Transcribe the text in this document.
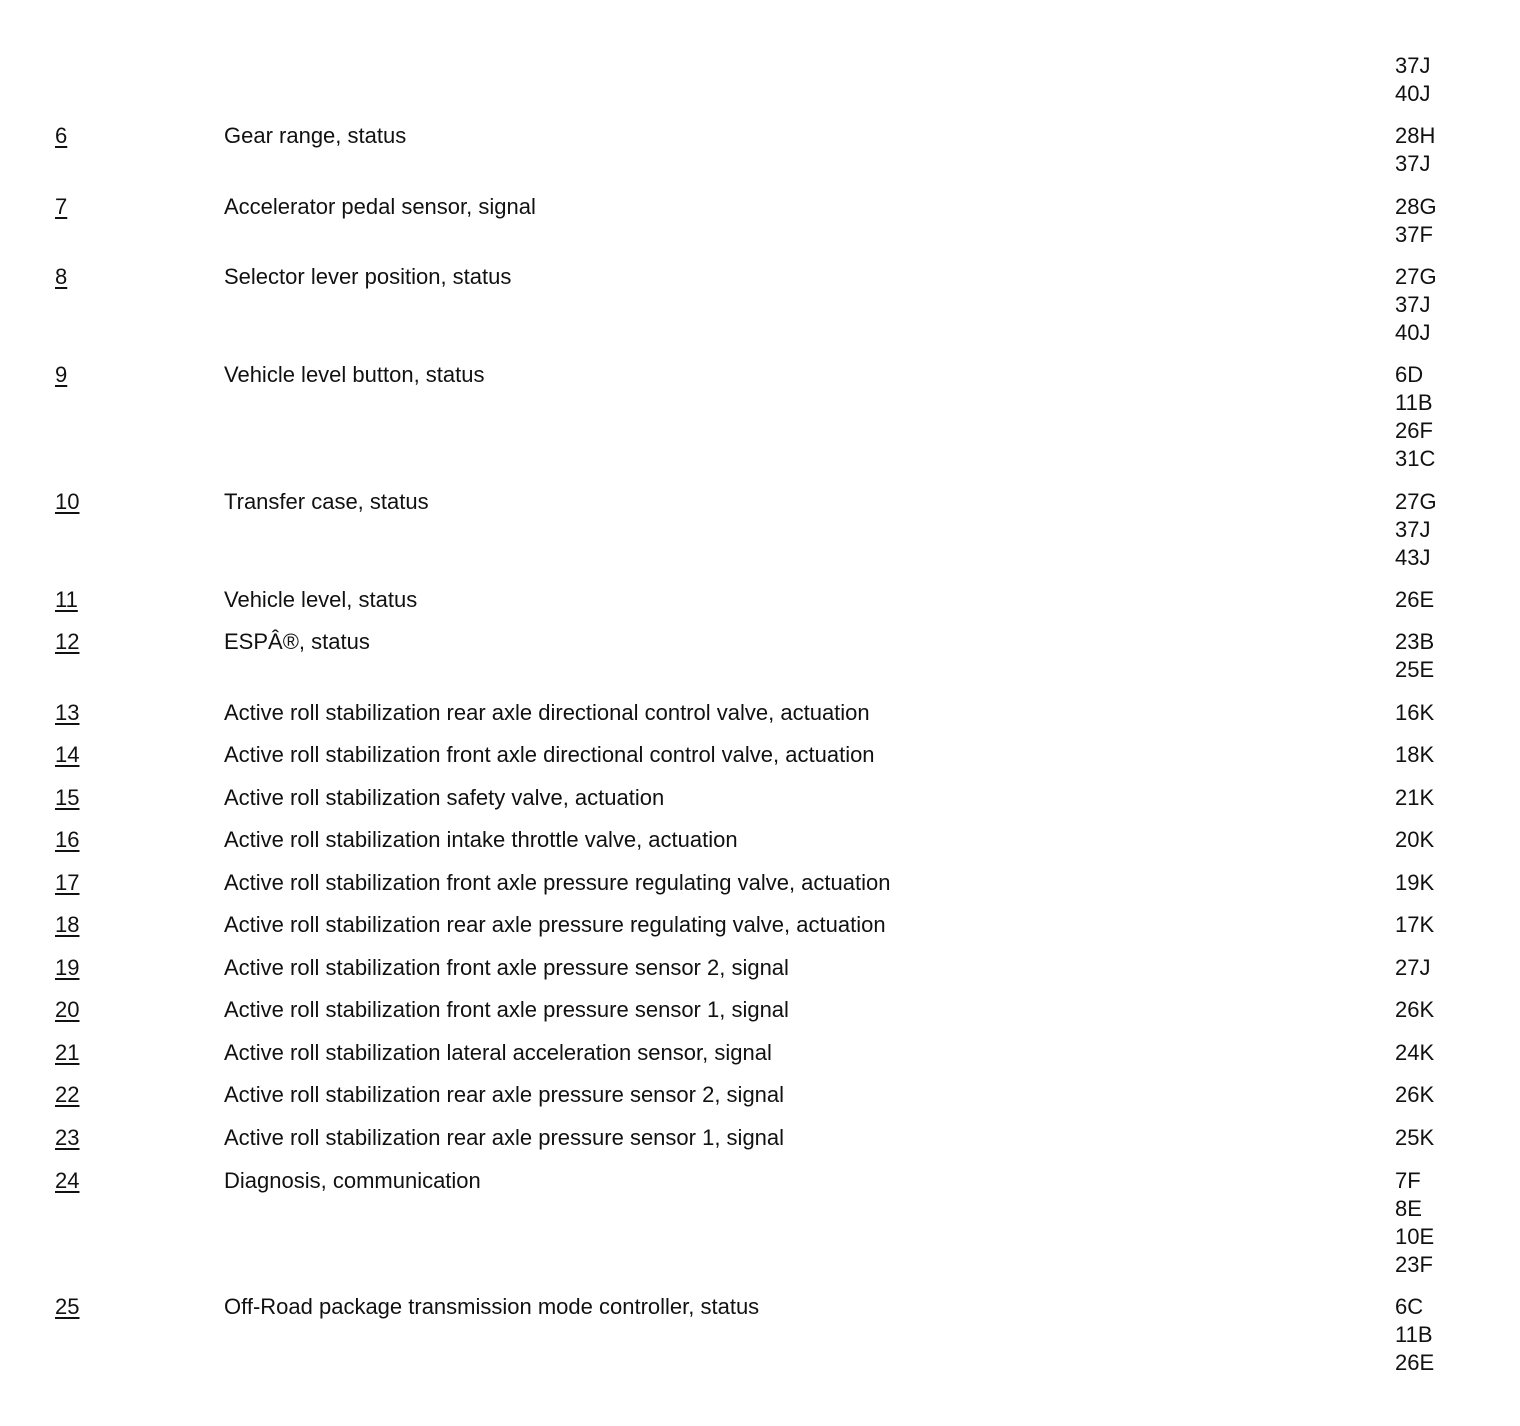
37J
40J
6	Gear range, status	28H
37J
7	Accelerator pedal sensor, signal	28G
37F
8	Selector lever position, status	27G
37J
40J
9	Vehicle level button, status	6D
11B
26F
31C
10	Transfer case, status	27G
37J
43J
11	Vehicle level, status	26E
12	ESPÂ®, status	23B
25E
13	Active roll stabilization rear axle directional control valve, actuation	16K
14	Active roll stabilization front axle directional control valve, actuation	18K
15	Active roll stabilization safety valve, actuation	21K
16	Active roll stabilization intake throttle valve, actuation	20K
17	Active roll stabilization front axle pressure regulating valve, actuation	19K
18	Active roll stabilization rear axle pressure regulating valve, actuation	17K
19	Active roll stabilization front axle pressure sensor 2, signal	27J
20	Active roll stabilization front axle pressure sensor 1, signal	26K
21	Active roll stabilization lateral acceleration sensor, signal	24K
22	Active roll stabilization rear axle pressure sensor 2, signal	26K
23	Active roll stabilization rear axle pressure sensor 1, signal	25K
24	Diagnosis, communication	7F
8E
10E
23F
25	Off-Road package transmission mode controller, status	6C
11B
26E
